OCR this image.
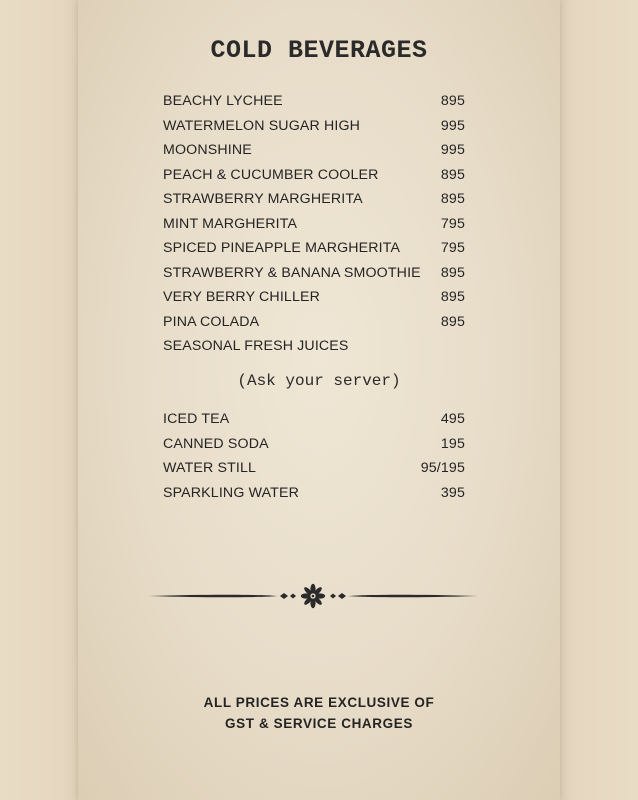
COLD BEVERAGES
BEACHY LYCHEE	895
WATERMELON SUGAR HIGH	995
MOONSHINE	995
PEACH & CUCUMBER COOLER	895
STRAWBERRY MARGHERITA	895
MINT MARGHERITA	795
SPICED PINEAPPLE MARGHERITA	795
STRAWBERRY & BANANA SMOOTHIE 895
VERY BERRY CHILLER	895
PINA COLADA	895
SEASONAL FRESH JUICES
(Ask your server)
ICED TEA	495
CANNED SODA	195
WATER STILL	95/195
SPARKLING WATER	395
ALL PRICES ARE EXCLUSIVE OF
GST & SERVICE CHARGES
